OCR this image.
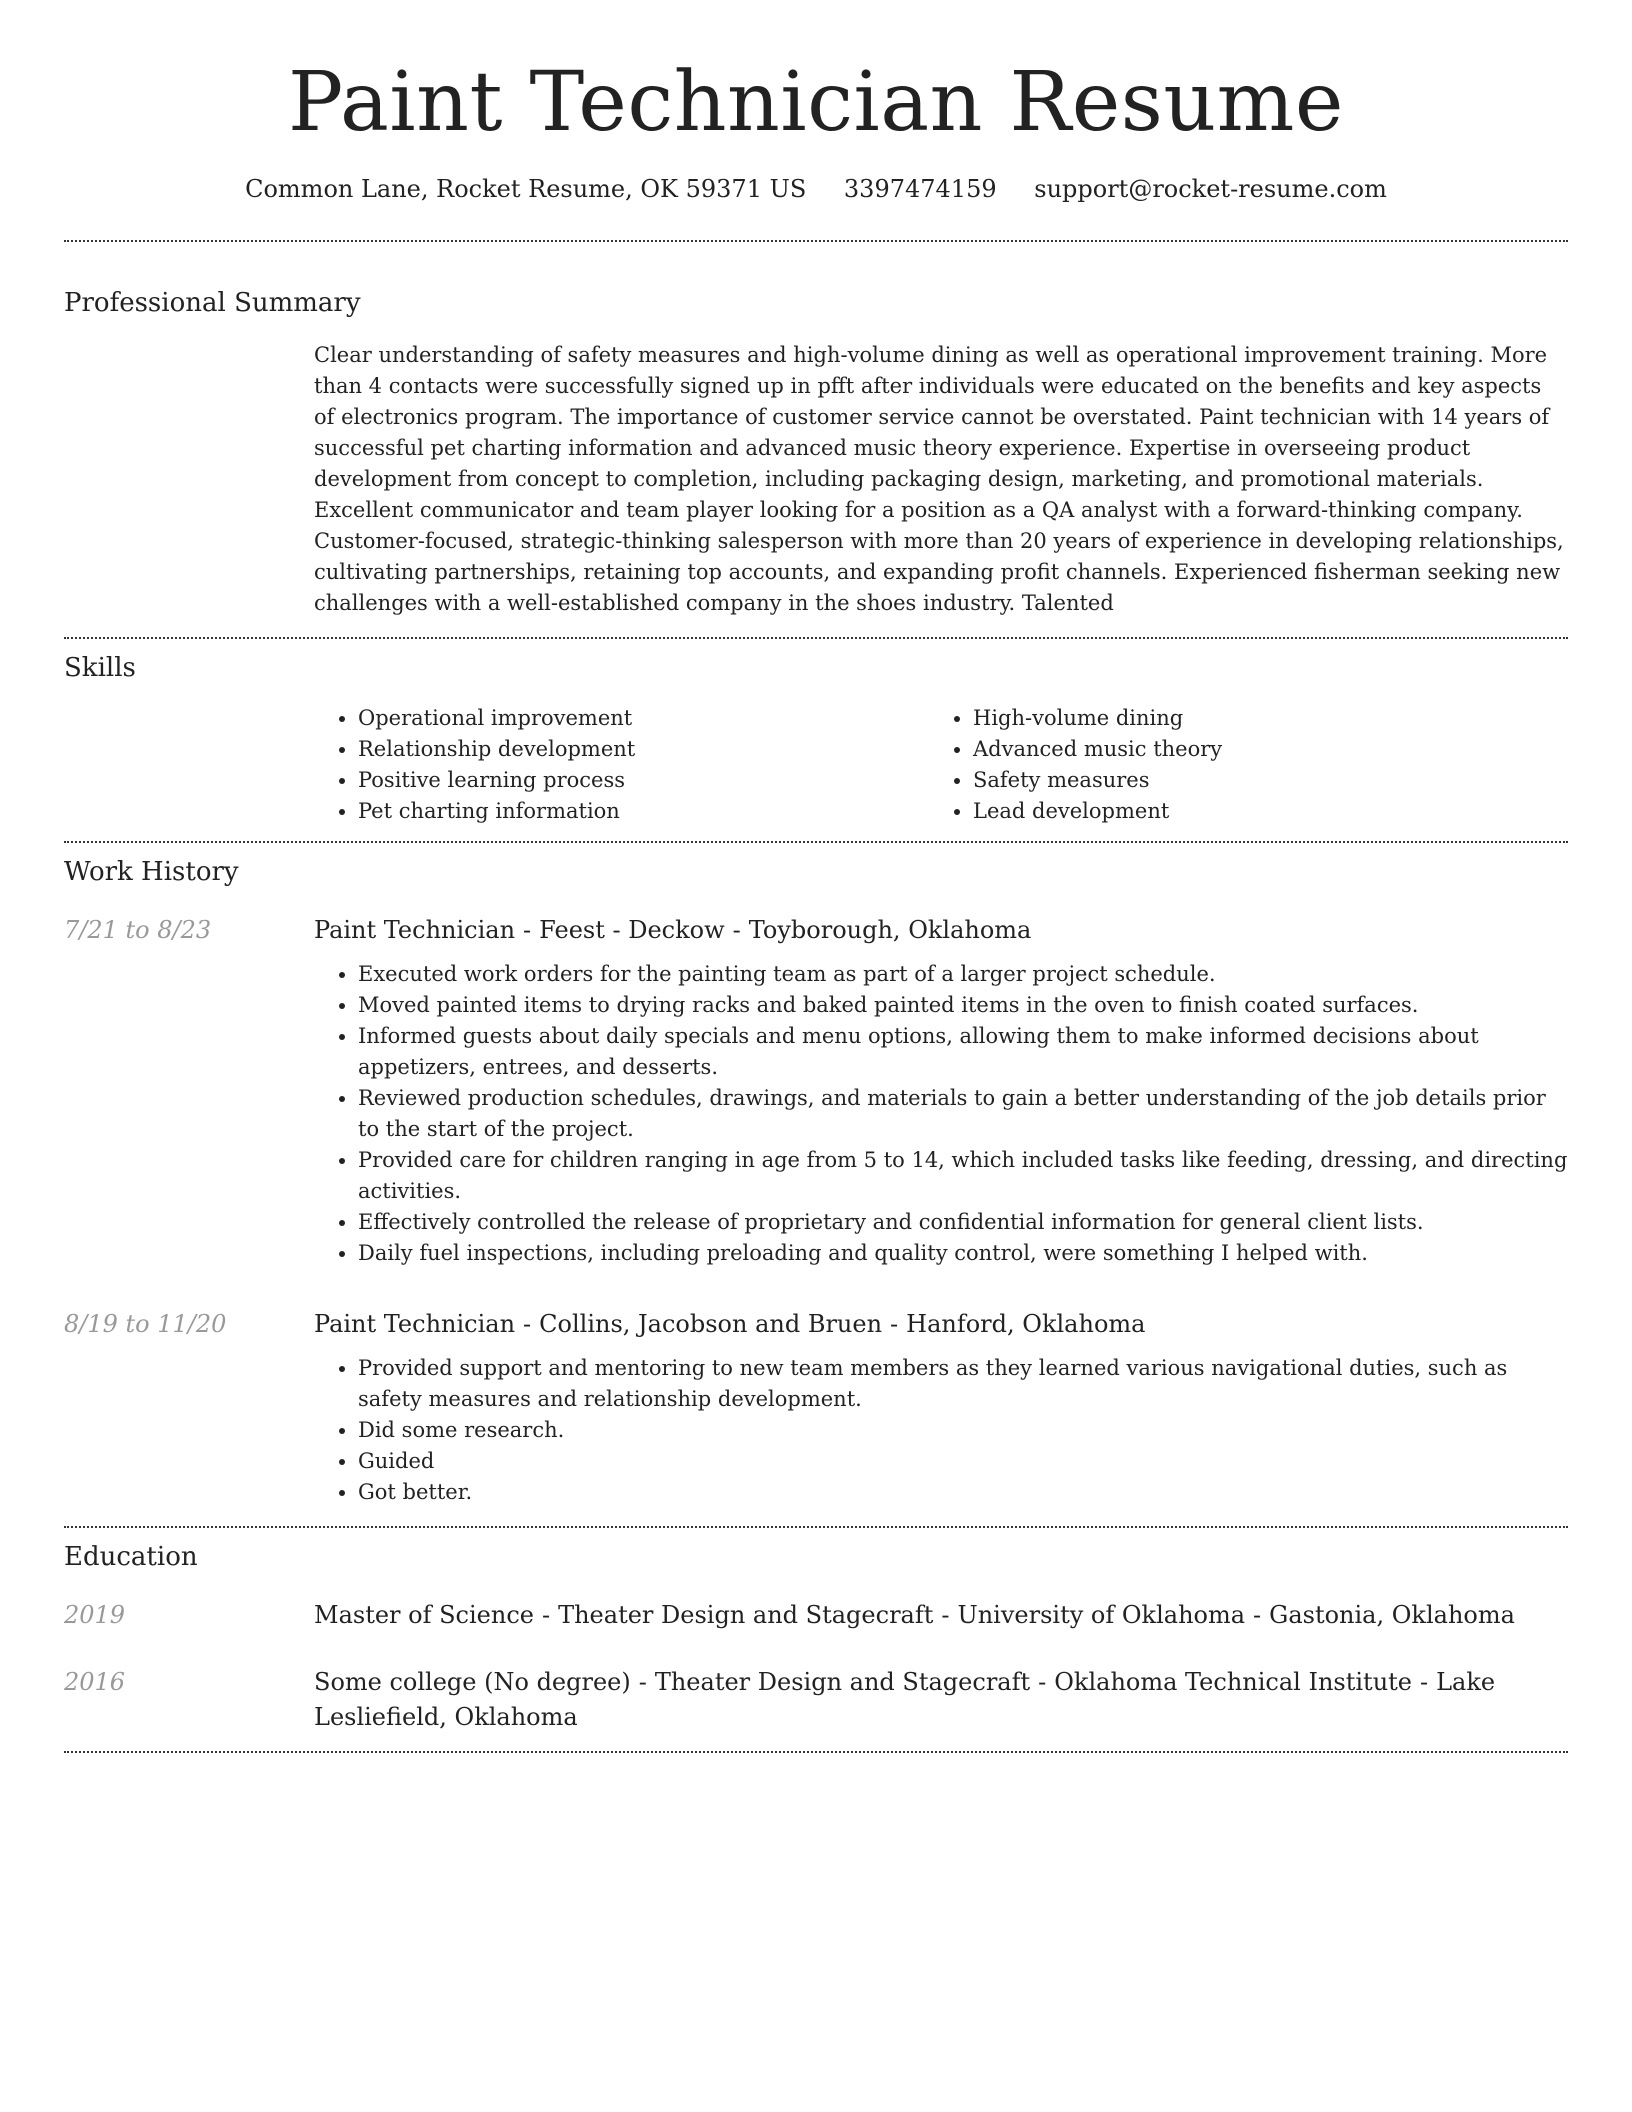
Paint Technician Resume
Common Lane, Rocket Resume, OK 59371 US 3397474159 support@rocket-resume.com
Professional Summary
Clear understanding of safety measures and high-volume dining as well as operational improvement training. More than 4 contacts were successfully signed up in pfft after individuals were educated on the benefits and key aspects of electronics program. The importance of customer service cannot be overstated. Paint technician with 14 years of successful pet charting information and advanced music theory experience. Expertise in overseeing product development from concept to completion, including packaging design, marketing, and promotional materials. Excellent communicator and team player looking for a position as a QA analyst with a forward-thinking company. Customer-focused, strategic-thinking salesperson with more than 20 years of experience in developing relationships, cultivating partnerships, retaining top accounts, and expanding profit channels. Experienced fisherman seeking new challenges with a well-established company in the shoes industry. Talented
Skills
• Operational improvement
• Relationship development
• Positive learning process
• Pet charting information
• High-volume dining
• Advanced music theory
• Safety measures
• Lead development
Work History
7/21 to 8/23	Paint Technician - Feest - Deckow - Toyborough, Oklahoma
• Executed work orders for the painting team as part of a larger project schedule.
• Moved painted items to drying racks and baked painted items in the oven to finish coated surfaces.
• Informed guests about daily specials and menu options, allowing them to make informed decisions about appetizers, entrees, and desserts.
• Reviewed production schedules, drawings, and materials to gain a better understanding of the job details prior to the start of the project.
• Provided care for children ranging in age from 5 to 14, which included tasks like feeding, dressing, and directing activities.
• Effectively controlled the release of proprietary and confidential information for general client lists.
• Daily fuel inspections, including preloading and quality control, were something I helped with.
8/19 to 11/20	Paint Technician - Collins, Jacobson and Bruen - Hanford, Oklahoma
• Provided support and mentoring to new team members as they learned various navigational duties, such as safety measures and relationship development.
• Did some research.
• Guided
• Got better.
Education
2019	Master of Science - Theater Design and Stagecraft - University of Oklahoma - Gastonia, Oklahoma
2016	Some college (No degree) - Theater Design and Stagecraft - Oklahoma Technical Institute - Lake Lesliefield, Oklahoma
